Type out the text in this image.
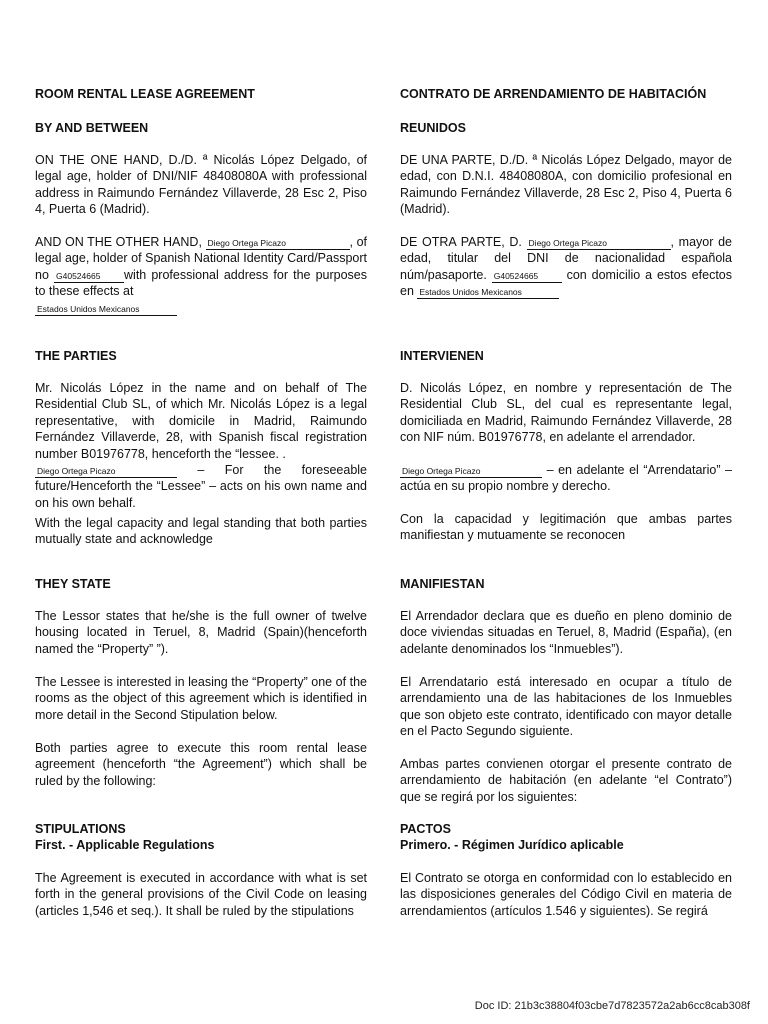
ROOM RENTAL LEASE AGREEMENT
BY AND BETWEEN

ON THE ONE HAND, D./D. ª Nicolás López Delgado, of legal age, holder of DNI/NIF 48408080A with professional address in Raimundo Fernández Villaverde, 28 Esc 2, Piso 4, Puerta 6 (Madrid).

AND ON THE OTHER HAND, Diego Ortega Picazo	, of legal age, holder of Spanish National Identity Card/Passport no G40524665 with professional address for the purposes to these effects at
Estados Unidos Mexicanos

THE PARTIES

Mr. Nicolás López in the name and on behalf of The Residential Club SL, of which Mr. Nicolás López is a legal representative, with domicile in Madrid, Raimundo Fernández Villaverde, 28, with Spanish fiscal registration number B01976778, henceforth the “lessee. .
Diego Ortega Picazo	– For the foreseeable future/Henceforth the “Lessee” – acts on his own name and on his own behalf.

With the legal capacity and legal standing that both parties mutually state and acknowledge

THEY STATE

The Lessor states that he/she is the full owner of twelve housing located in Teruel, 8, Madrid (Spain)(henceforth named the “Property” ”).

The Lessee is interested in leasing the “Property” one of the rooms as the object of this agreement which is identified in more detail in the Second Stipulation below.

Both parties agree to execute this room rental lease agreement (henceforth “the Agreement”) which shall be ruled by the following:

STIPULATIONS
First. - Applicable Regulations

The Agreement is executed in accordance with what is set forth in the general provisions of the Civil Code on leasing (articles 1,546 et seq.). It shall be ruled by the stipulations

CONTRATO DE ARRENDAMIENTO DE HABITACIÓN
REUNIDOS

DE UNA PARTE, D./D. ª Nicolás López Delgado, mayor de edad, con D.N.I. 48408080A, con domicilio profesional en Raimundo Fernández Villaverde, 28 Esc 2, Piso 4, Puerta 6 (Madrid).

DE OTRA PARTE, D. Diego Ortega Picazo	, mayor de edad, titular del DNI de nacionalidad española núm/pasaporte. G40524665 con domicilio a estos efectos en Estados Unidos Mexicanos

INTERVIENEN

D. Nicolás López, en nombre y representación de The Residential Club SL, del cual es representante legal, domiciliada en Madrid, Raimundo Fernández Villaverde, 28 con NIF núm. B01976778, en adelante el arrendador.

Diego Ortega Picazo	– en adelante el “Arrendatario” – actúa en su propio nombre y derecho.

Con la capacidad y legitimación que ambas partes manifiestan y mutuamente se reconocen

MANIFIESTAN

El Arrendador declara que es dueño en pleno dominio de doce viviendas situadas en Teruel, 8, Madrid (España), (en adelante denominados los “Inmuebles”).

El Arrendatario está interesado en ocupar a título de arrendamiento una de las habitaciones de los Inmuebles que son objeto este contrato, identificado con mayor detalle en el Pacto Segundo siguiente.

Ambas partes convienen otorgar el presente contrato de arrendamiento de habitación (en adelante “el Contrato”) que se regirá por los siguientes:

PACTOS
Primero. - Régimen Jurídico aplicable

El Contrato se otorga en conformidad con lo establecido en las disposiciones generales del Código Civil en materia de arrendamientos (artículos 1.546 y siguientes). Se regirá

Doc ID: 21b3c38804f03cbe7d7823572a2ab6cc8cab308f
